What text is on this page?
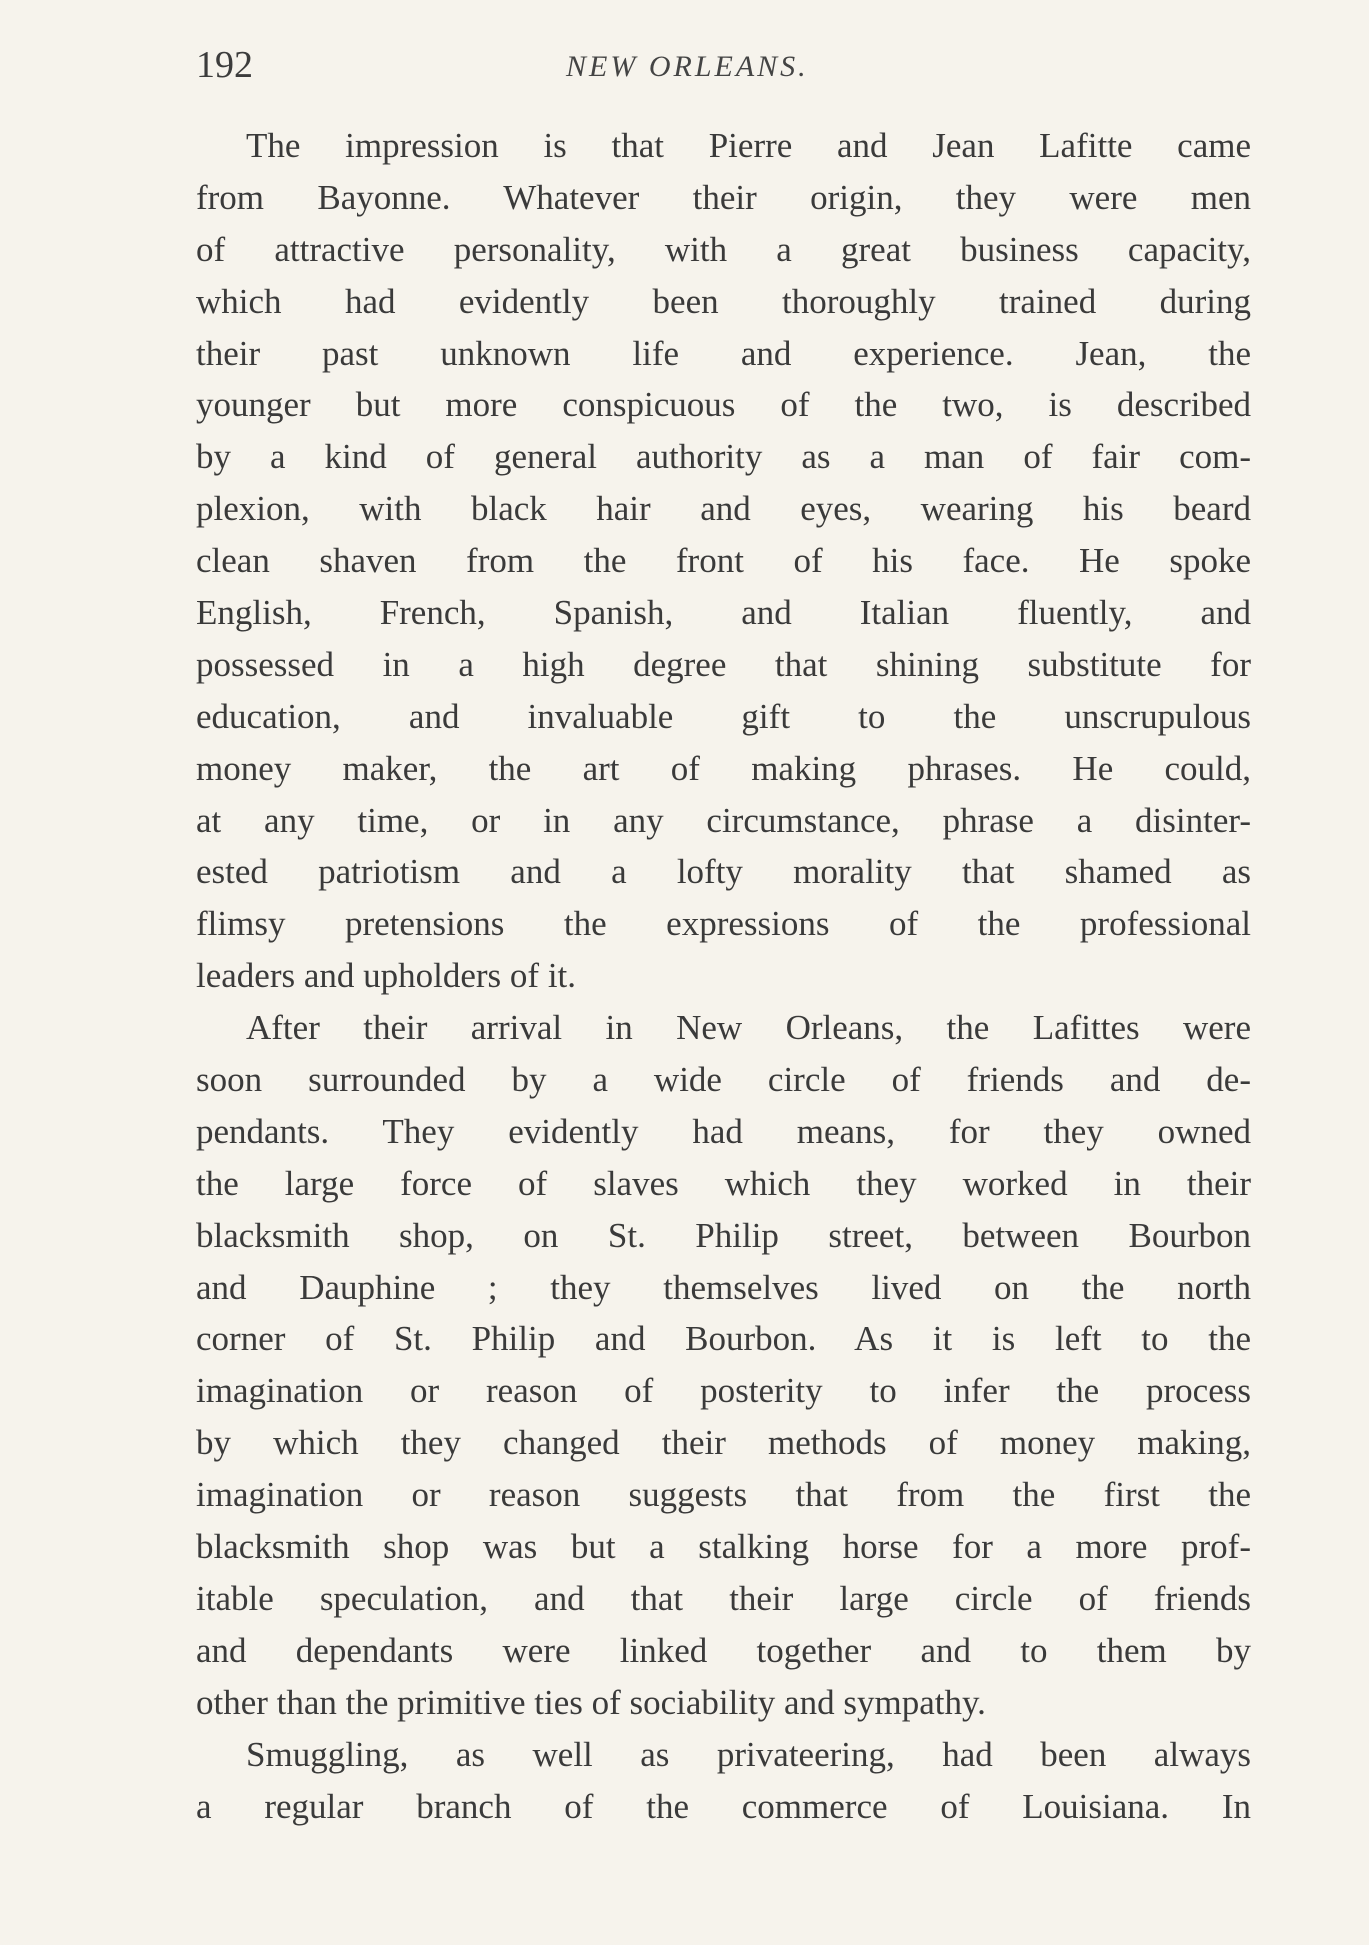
192	NEW ORLEANS.
The impression is that Pierre and Jean Lafitte came
from Bayonne. Whatever their origin, they were men
of attractive personality, with a great business capacity,
which had evidently been thoroughly trained during
their past unknown life and experience. Jean, the
younger but more conspicuous of the two, is described
by a kind of general authority as a man of fair com-
plexion, with black hair and eyes, wearing his beard
clean shaven from the front of his face. He spoke
English, French, Spanish, and Italian fluently, and
possessed in a high degree that shining substitute for
education, and invaluable gift to the unscrupulous
money maker, the art of making phrases. He could,
at any time, or in any circumstance, phrase a disinter-
ested patriotism and a lofty morality that shamed as
flimsy pretensions the expressions of the professional
leaders and upholders of it.
After their arrival in New Orleans, the Lafittes were
soon surrounded by a wide circle of friends and de-
pendants. They evidently had means, for they owned
the large force of slaves which they worked in their
blacksmith shop, on St. Philip street, between Bourbon
and Dauphine ; they themselves lived on the north
corner of St. Philip and Bourbon. As it is left to the
imagination or reason of posterity to infer the process
by which they changed their methods of money making,
imagination or reason suggests that from the first the
blacksmith shop was but a stalking horse for a more prof-
itable speculation, and that their large circle of friends
and dependants were linked together and to them by
other than the primitive ties of sociability and sympathy.
Smuggling, as well as privateering, had been always
a regular branch of the commerce of Louisiana. In
